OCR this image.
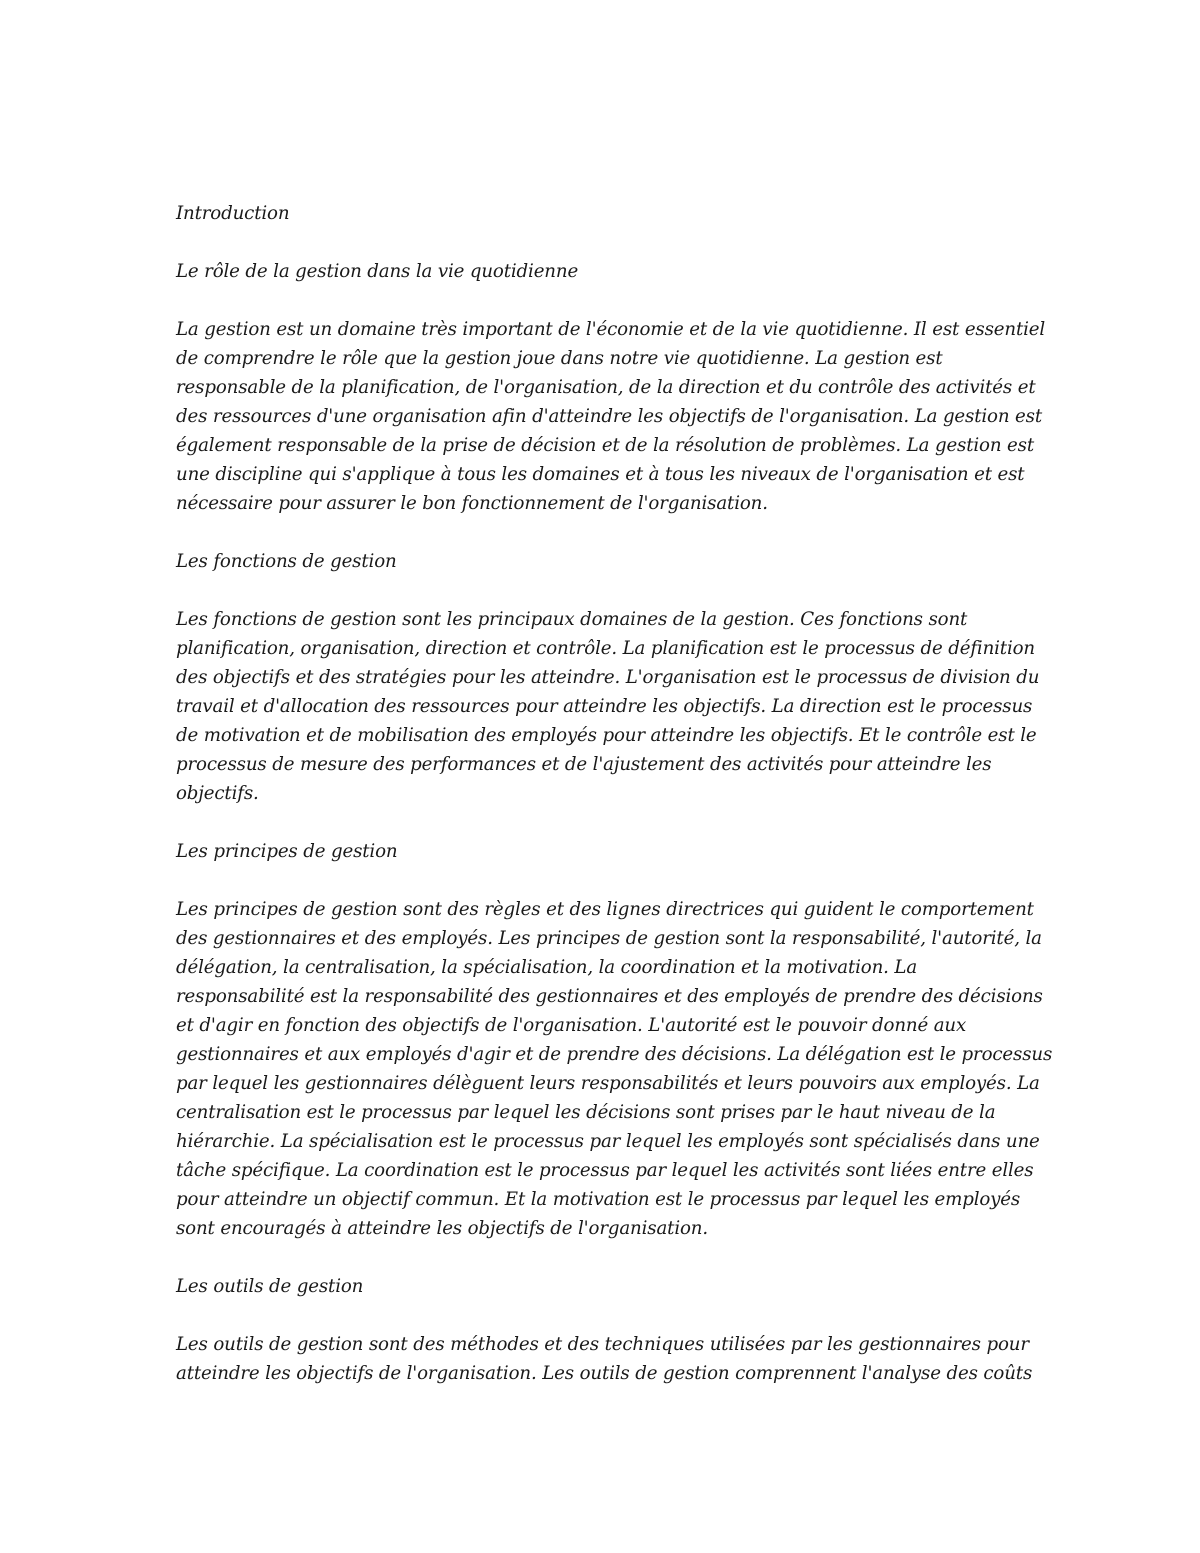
Introduction

Le rôle de la gestion dans la vie quotidienne

La gestion est un domaine très important de l'économie et de la vie quotidienne. Il est essentiel

de comprendre le rôle que la gestion joue dans notre vie quotidienne. La gestion est

responsable de la planification, de l'organisation, de la direction et du contrôle des activités et

des ressources d'une organisation afin d'atteindre les objectifs de l'organisation. La gestion est

également responsable de la prise de décision et de la résolution de problèmes. La gestion est

une discipline qui s'applique à tous les domaines et à tous les niveaux de l'organisation et est

nécessaire pour assurer le bon fonctionnement de l'organisation.

Les fonctions de gestion

Les fonctions de gestion sont les principaux domaines de la gestion. Ces fonctions sont

planification, organisation, direction et contrôle. La planification est le processus de définition

des objectifs et des stratégies pour les atteindre. L'organisation est le processus de division du

travail et d'allocation des ressources pour atteindre les objectifs. La direction est le processus

de motivation et de mobilisation des employés pour atteindre les objectifs. Et le contrôle est le

processus de mesure des performances et de l'ajustement des activités pour atteindre les

objectifs.

Les principes de gestion

Les principes de gestion sont des règles et des lignes directrices qui guident le comportement

des gestionnaires et des employés. Les principes de gestion sont la responsabilité, l'autorité, la

délégation, la centralisation, la spécialisation, la coordination et la motivation. La

responsabilité est la responsabilité des gestionnaires et des employés de prendre des décisions

et d'agir en fonction des objectifs de l'organisation. L'autorité est le pouvoir donné aux

gestionnaires et aux employés d'agir et de prendre des décisions. La délégation est le processus

par lequel les gestionnaires délèguent leurs responsabilités et leurs pouvoirs aux employés. La

centralisation est le processus par lequel les décisions sont prises par le haut niveau de la

hiérarchie. La spécialisation est le processus par lequel les employés sont spécialisés dans une

tâche spécifique. La coordination est le processus par lequel les activités sont liées entre elles

pour atteindre un objectif commun. Et la motivation est le processus par lequel les employés

sont encouragés à atteindre les objectifs de l'organisation.

Les outils de gestion

Les outils de gestion sont des méthodes et des techniques utilisées par les gestionnaires pour

atteindre les objectifs de l'organisation. Les outils de gestion comprennent l'analyse des coûts
